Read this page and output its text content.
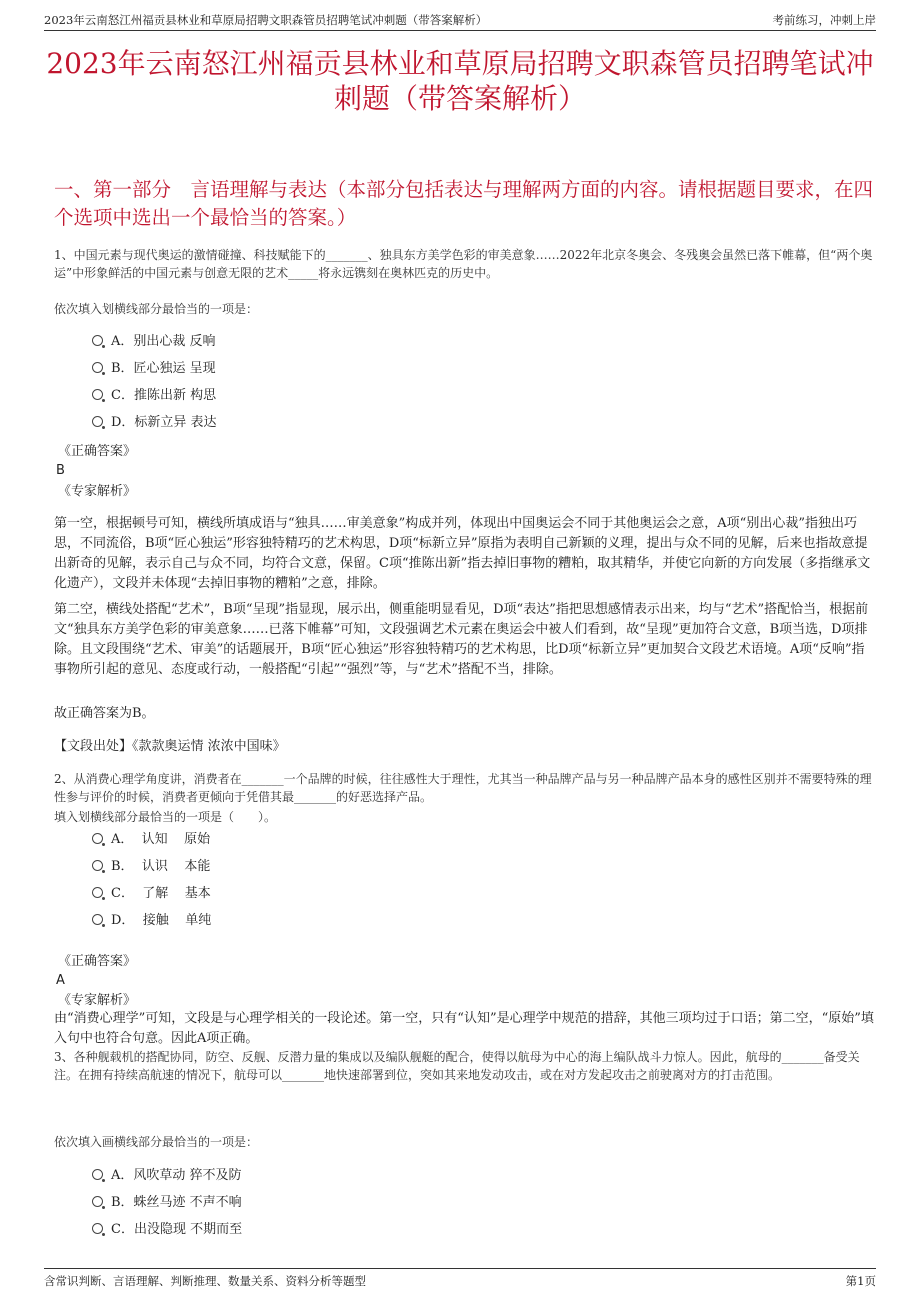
2023年云南怒江州福贡县林业和草原局招聘文职森管员招聘笔试冲刺题（带答案解析）	考前练习，冲刺上岸
2023年云南怒江州福贡县林业和草原局招聘文职森管员招聘笔试冲刺题（带答案解析）
一、第一部分　言语理解与表达（本部分包括表达与理解两方面的内容。请根据题目要求，在四个选项中选出一个最恰当的答案。）
1、中国元素与现代奥运的激情碰撞、科技赋能下的_______、独具东方美学色彩的审美意象……2022年北京冬奥会、冬残奥会虽然已落下帷幕，但“两个奥运”中形象鲜活的中国元素与创意无限的艺术_____将永远镌刻在奥林匹克的历史中。
依次填入划横线部分最恰当的一项是：
A．别出心裁 反响
B．匠心独运 呈现
C．推陈出新 构思
D．标新立异 表达
《正确答案》
B
《专家解析》
第一空，根据顿号可知，横线所填成语与“独具……审美意象”构成并列，体现出中国奥运会不同于其他奥运会之意，A项“别出心裁”指独出巧思，不同流俗，B项“匠心独运”形容独特精巧的艺术构思，D项“标新立异”原指为表明自己新颖的义理，提出与众不同的见解，后来也指故意提出新奇的见解，表示自己与众不同，均符合文意，保留。C项“推陈出新”指去掉旧事物的糟粕，取其精华，并使它向新的方向发展（多指继承文化遗产），文段并未体现“去掉旧事物的糟粕”之意，排除。
第二空，横线处搭配“艺术”，B项“呈现”指显现，展示出，侧重能明显看见，D项“表达”指把思想感情表示出来，均与“艺术”搭配恰当，根据前文“独具东方美学色彩的审美意象……已落下帷幕”可知，文段强调艺术元素在奥运会中被人们看到，故“呈现”更加符合文意，B项当选，D项排除。且文段围绕“艺术、审美”的话题展开，B项“匠心独运”形容独特精巧的艺术构思，比D项“标新立异”更加契合文段艺术语境。A项“反响”指事物所引起的意见、态度或行动，一般搭配“引起”“强烈”等，与“艺术”搭配不当，排除。
故正确答案为B。
【文段出处】《款款奥运情 浓浓中国味》
2、从消费心理学角度讲，消费者在_______一个品牌的时候，往往感性大于理性，尤其当一种品牌产品与另一种品牌产品本身的感性区别并不需要特殊的理性参与评价的时候，消费者更倾向于凭借其最_______的好恶选择产品。
填入划横线部分最恰当的一项是（　　）。
A．  认知    原始
B．  认识    本能
C．  了解    基本
D．  接触    单纯
《正确答案》
A
《专家解析》
由“消费心理学”可知，文段是与心理学相关的一段论述。第一空，只有“认知”是心理学中规范的措辞，其他三项均过于口语；第二空，“原始”填入句中也符合句意。因此A项正确。
3、各种舰载机的搭配协同，防空、反舰、反潜力量的集成以及编队舰艇的配合，使得以航母为中心的海上编队战斗力惊人。因此，航母的_______备受关注。在拥有持续高航速的情况下，航母可以_______地快速部署到位，突如其来地发动攻击，或在对方发起攻击之前驶离对方的打击范围。
依次填入画横线部分最恰当的一项是：
A．风吹草动 猝不及防
B．蛛丝马迹 不声不响
C．出没隐现 不期而至
含常识判断、言语理解、判断推理、数量关系、资料分析等题型	第1页
